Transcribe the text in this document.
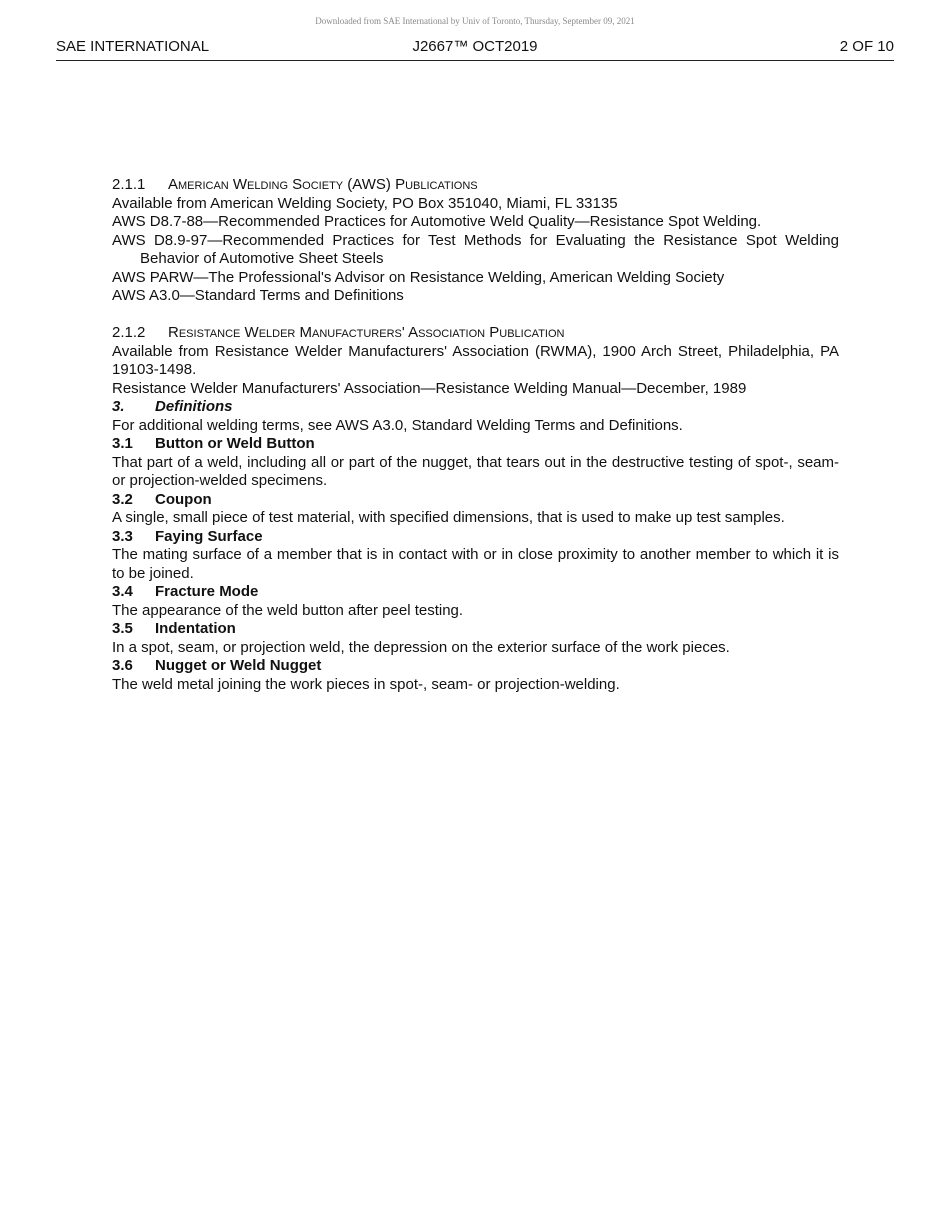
Downloaded from SAE International by Univ of Toronto, Thursday, September 09, 2021
SAE INTERNATIONAL	J2667™ OCT2019	2 OF 10

2.1.1 American Welding Society (AWS) Publications

Available from American Welding Society, PO Box 351040, Miami, FL 33135

AWS D8.7-88—Recommended Practices for Automotive Weld Quality—Resistance Spot Welding.

AWS D8.9-97—Recommended Practices for Test Methods for Evaluating the Resistance Spot Welding Behavior of Automotive Sheet Steels

AWS PARW—The Professional's Advisor on Resistance Welding, American Welding Society

AWS A3.0—Standard Terms and Definitions

2.1.2 Resistance Welder Manufacturers' Association Publication

Available from Resistance Welder Manufacturers' Association (RWMA), 1900 Arch Street, Philadelphia, PA 19103-1498.

Resistance Welder Manufacturers' Association—Resistance Welding Manual—December, 1989

3. Definitions

For additional welding terms, see AWS A3.0, Standard Welding Terms and Definitions.

3.1 Button or Weld Button

That part of a weld, including all or part of the nugget, that tears out in the destructive testing of spot-, seam- or projection-welded specimens.

3.2 Coupon

A single, small piece of test material, with specified dimensions, that is used to make up test samples.

3.3 Faying Surface

The mating surface of a member that is in contact with or in close proximity to another member to which it is to be joined.

3.4 Fracture Mode

The appearance of the weld button after peel testing.

3.5 Indentation

In a spot, seam, or projection weld, the depression on the exterior surface of the work pieces.

3.6 Nugget or Weld Nugget

The weld metal joining the work pieces in spot-, seam- or projection-welding.
